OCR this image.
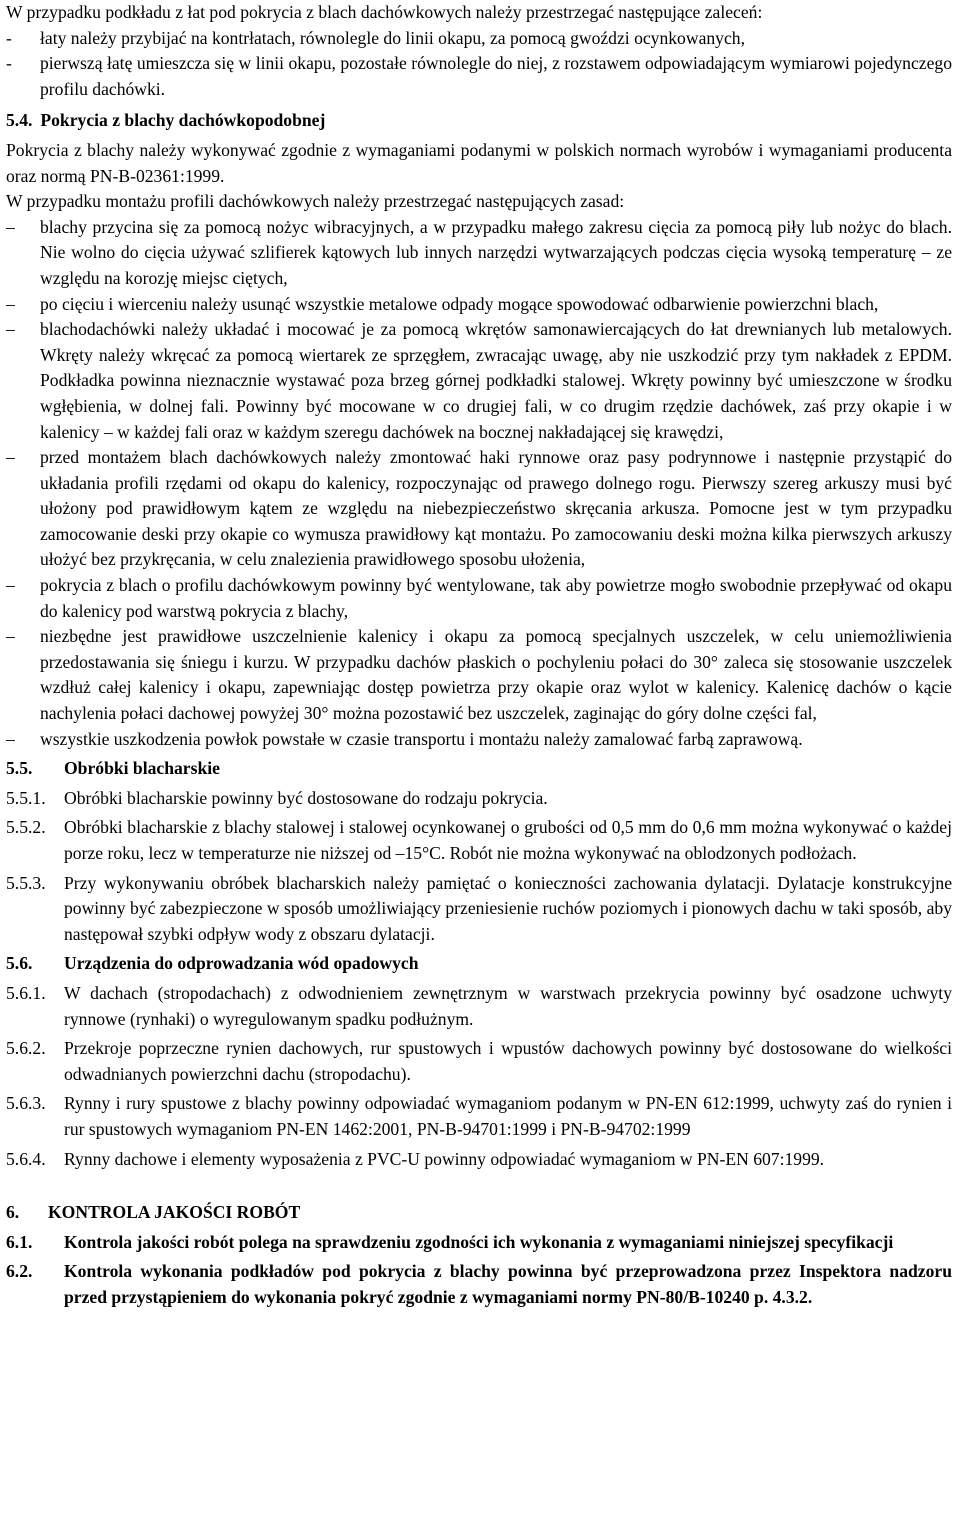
W przypadku podkładu z łat pod pokrycia z blach dachówkowych należy przestrzegać następujące zaleceń:

-	łaty należy przybijać na kontrłatach, równolegle do linii okapu, za pomocą gwoździ ocynkowanych,
-	pierwszą łatę umieszcza się w linii okapu, pozostałe równolegle do niej, z rozstawem odpowiadającym wymiarowi pojedynczego profilu dachówki.
5.4. Pokrycia z blachy dachówkopodobnej

Pokrycia z blachy należy wykonywać zgodnie z wymaganiami podanymi w polskich normach wyrobów i wymaganiami producenta oraz normą PN-B-02361:1999.

W przypadku montażu profili dachówkowych należy przestrzegać następujących zasad:

–	blachy przycina się za pomocą nożyc wibracyjnych, a w przypadku małego zakresu cięcia za pomocą piły lub nożyc do blach. Nie wolno do cięcia używać szlifierek kątowych lub innych narzędzi wytwarzających podczas cięcia wysoką temperaturę – ze względu na korozję miejsc ciętych,
–	po cięciu i wierceniu należy usunąć wszystkie metalowe odpady mogące spowodować odbarwienie powierzchni blach,
–	blachodachówki należy układać i mocować je za pomocą wkrętów samonawiercających do łat drewnianych lub metalowych. Wkręty należy wkręcać za pomocą wiertarek ze sprzęgłem, zwracając uwagę, aby nie uszkodzić przy tym nakładek z EPDM. Podkładka powinna nieznacznie wystawać poza brzeg górnej podkładki stalowej. Wkręty powinny być umieszczone w środku wgłębienia, w dolnej fali. Powinny być mocowane w co drugiej fali, w co drugim rzędzie dachówek, zaś przy okapie i w kalenicy – w każdej fali oraz w każdym szeregu dachówek na bocznej nakładającej się krawędzi,
–	przed montażem blach dachówkowych należy zmontować haki rynnowe oraz pasy podrynnowe i następnie przystąpić do układania profili rzędami od okapu do kalenicy, rozpoczynając od prawego dolnego rogu. Pierwszy szereg arkuszy musi być ułożony pod prawidłowym kątem ze względu na niebezpieczeństwo skręcania arkusza. Pomocne jest w tym przypadku zamocowanie deski przy okapie co wymusza prawidłowy kąt montażu. Po zamocowaniu deski można kilka pierwszych arkuszy ułożyć bez przykręcania, w celu znalezienia prawidłowego sposobu ułożenia,
–	pokrycia z blach o profilu dachówkowym powinny być wentylowane, tak aby powietrze mogło swobodnie przepływać od okapu do kalenicy pod warstwą pokrycia z blachy,
–	niezbędne jest prawidłowe uszczelnienie kalenicy i okapu za pomocą specjalnych uszczelek, w celu uniemożliwienia przedostawania się śniegu i kurzu. W przypadku dachów płaskich o pochyleniu połaci do 30° zaleca się stosowanie uszczelek wzdłuż całej kalenicy i okapu, zapewniając dostęp powietrza przy okapie oraz wylot w kalenicy. Kalenicę dachów o kącie nachylenia połaci dachowej powyżej 30° można pozostawić bez uszczelek, zaginając do góry dolne części fal,
–	wszystkie uszkodzenia powłok powstałe w czasie transportu i montażu należy zamalować farbą zaprawową.
5.5.	Obróbki blacharskie
5.5.1.	Obróbki blacharskie powinny być dostosowane do rodzaju pokrycia.
5.5.2.	Obróbki blacharskie z blachy stalowej i stalowej ocynkowanej o grubości od 0,5 mm do 0,6 mm można wykonywać o każdej porze roku, lecz w temperaturze nie niższej od –15°C. Robót nie można wykonywać na oblodzonych podłożach.
5.5.3.	Przy wykonywaniu obróbek blacharskich należy pamiętać o konieczności zachowania dylatacji. Dylatacje konstrukcyjne powinny być zabezpieczone w sposób umożliwiający przeniesienie ruchów poziomych i pionowych dachu w taki sposób, aby następował szybki odpływ wody z obszaru dylatacji.
5.6.	Urządzenia do odprowadzania wód opadowych
5.6.1.	W dachach (stropodachach) z odwodnieniem zewnętrznym w warstwach przekrycia powinny być osadzone uchwyty rynnowe (rynhaki) o wyregulowanym spadku podłużnym.
5.6.2.	Przekroje poprzeczne rynien dachowych, rur spustowych i wpustów dachowych powinny być dostosowane do wielkości odwadnianych powierzchni dachu (stropodachu).
5.6.3.	Rynny i rury spustowe z blachy powinny odpowiadać wymaganiom podanym w PN-EN 612:1999, uchwyty zaś do rynien i rur spustowych wymaganiom PN-EN 1462:2001, PN-B-94701:1999 i PN-B-94702:1999
5.6.4.	Rynny dachowe i elementy wyposażenia z PVC-U powinny odpowiadać wymaganiom w PN-EN 607:1999.
6.	KONTROLA JAKOŚCI ROBÓT
6.1.	Kontrola jakości robót polega na sprawdzeniu zgodności ich wykonania z wymaganiami niniejszej specyfikacji
6.2.	Kontrola wykonania podkładów pod pokrycia z blachy powinna być przeprowadzona przez Inspektora nadzoru przed przystąpieniem do wykonania pokryć zgodnie z wymaganiami normy PN-80/B-10240 p. 4.3.2.
